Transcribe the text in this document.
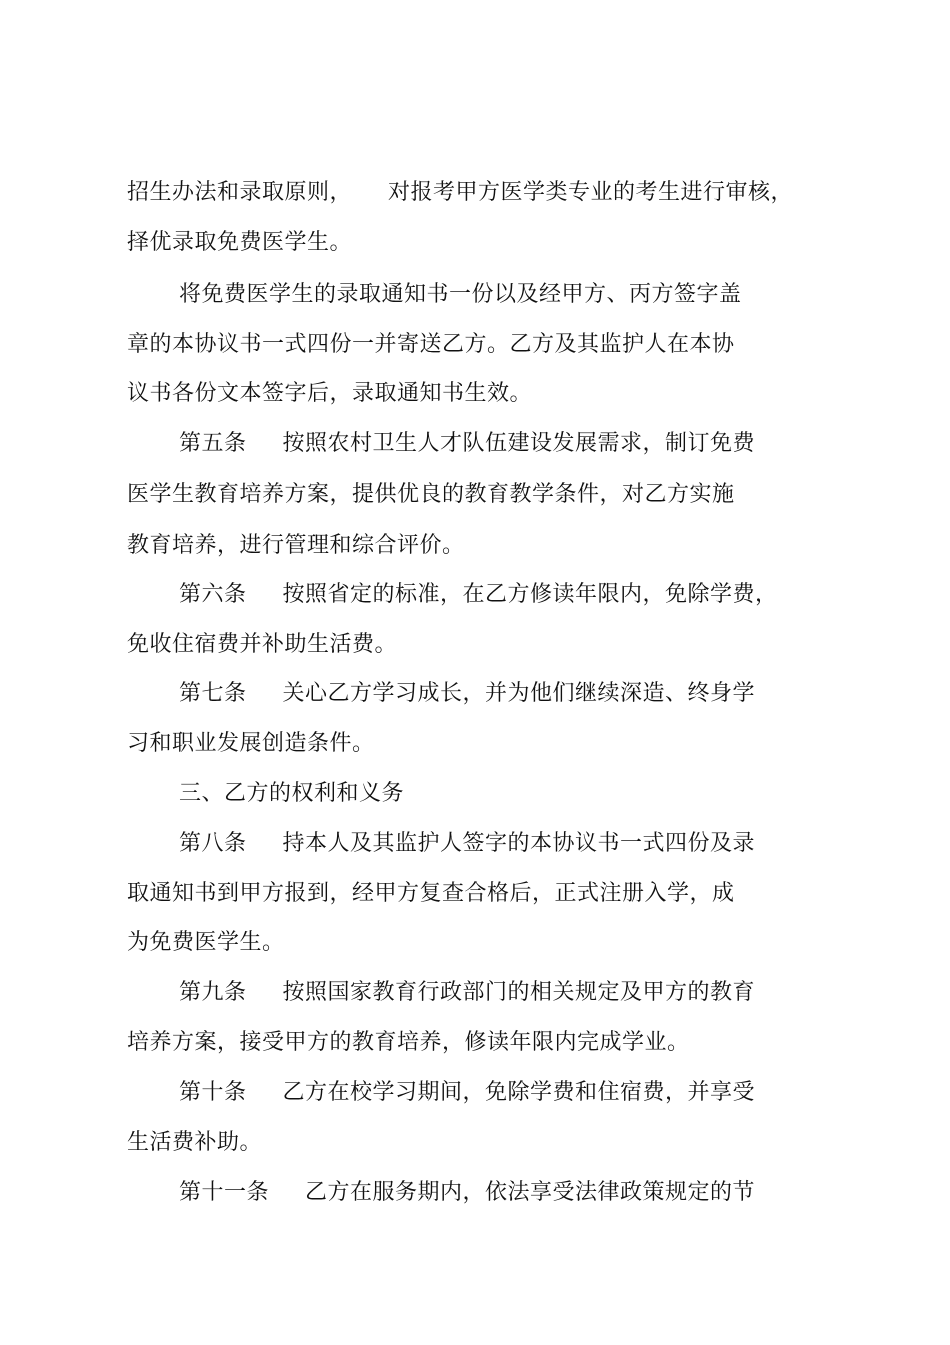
招生办法和录取原则， 对报考甲方医学类专业的考生进行审核，
择优录取免费医学生。
将免费医学生的录取通知书一份以及经甲方、丙方签字盖
章的本协议书一式四份一并寄送乙方。乙方及其监护人在本协
议书各份文本签字后，录取通知书生效。
第五条 按照农村卫生人才队伍建设发展需求，制订免费
医学生教育培养方案，提供优良的教育教学条件，对乙方实施
教育培养，进行管理和综合评价。
第六条 按照省定的标准，在乙方修读年限内，免除学费，
免收住宿费并补助生活费。
第七条 关心乙方学习成长，并为他们继续深造、终身学
习和职业发展创造条件。
三、乙方的权利和义务
第八条 持本人及其监护人签字的本协议书一式四份及录
取通知书到甲方报到，经甲方复查合格后，正式注册入学，成
为免费医学生。
第九条 按照国家教育行政部门的相关规定及甲方的教育
培养方案，接受甲方的教育培养，修读年限内完成学业。
第十条 乙方在校学习期间，免除学费和住宿费，并享受
生活费补助。
第十一条 乙方在服务期内，依法享受法律政策规定的节
